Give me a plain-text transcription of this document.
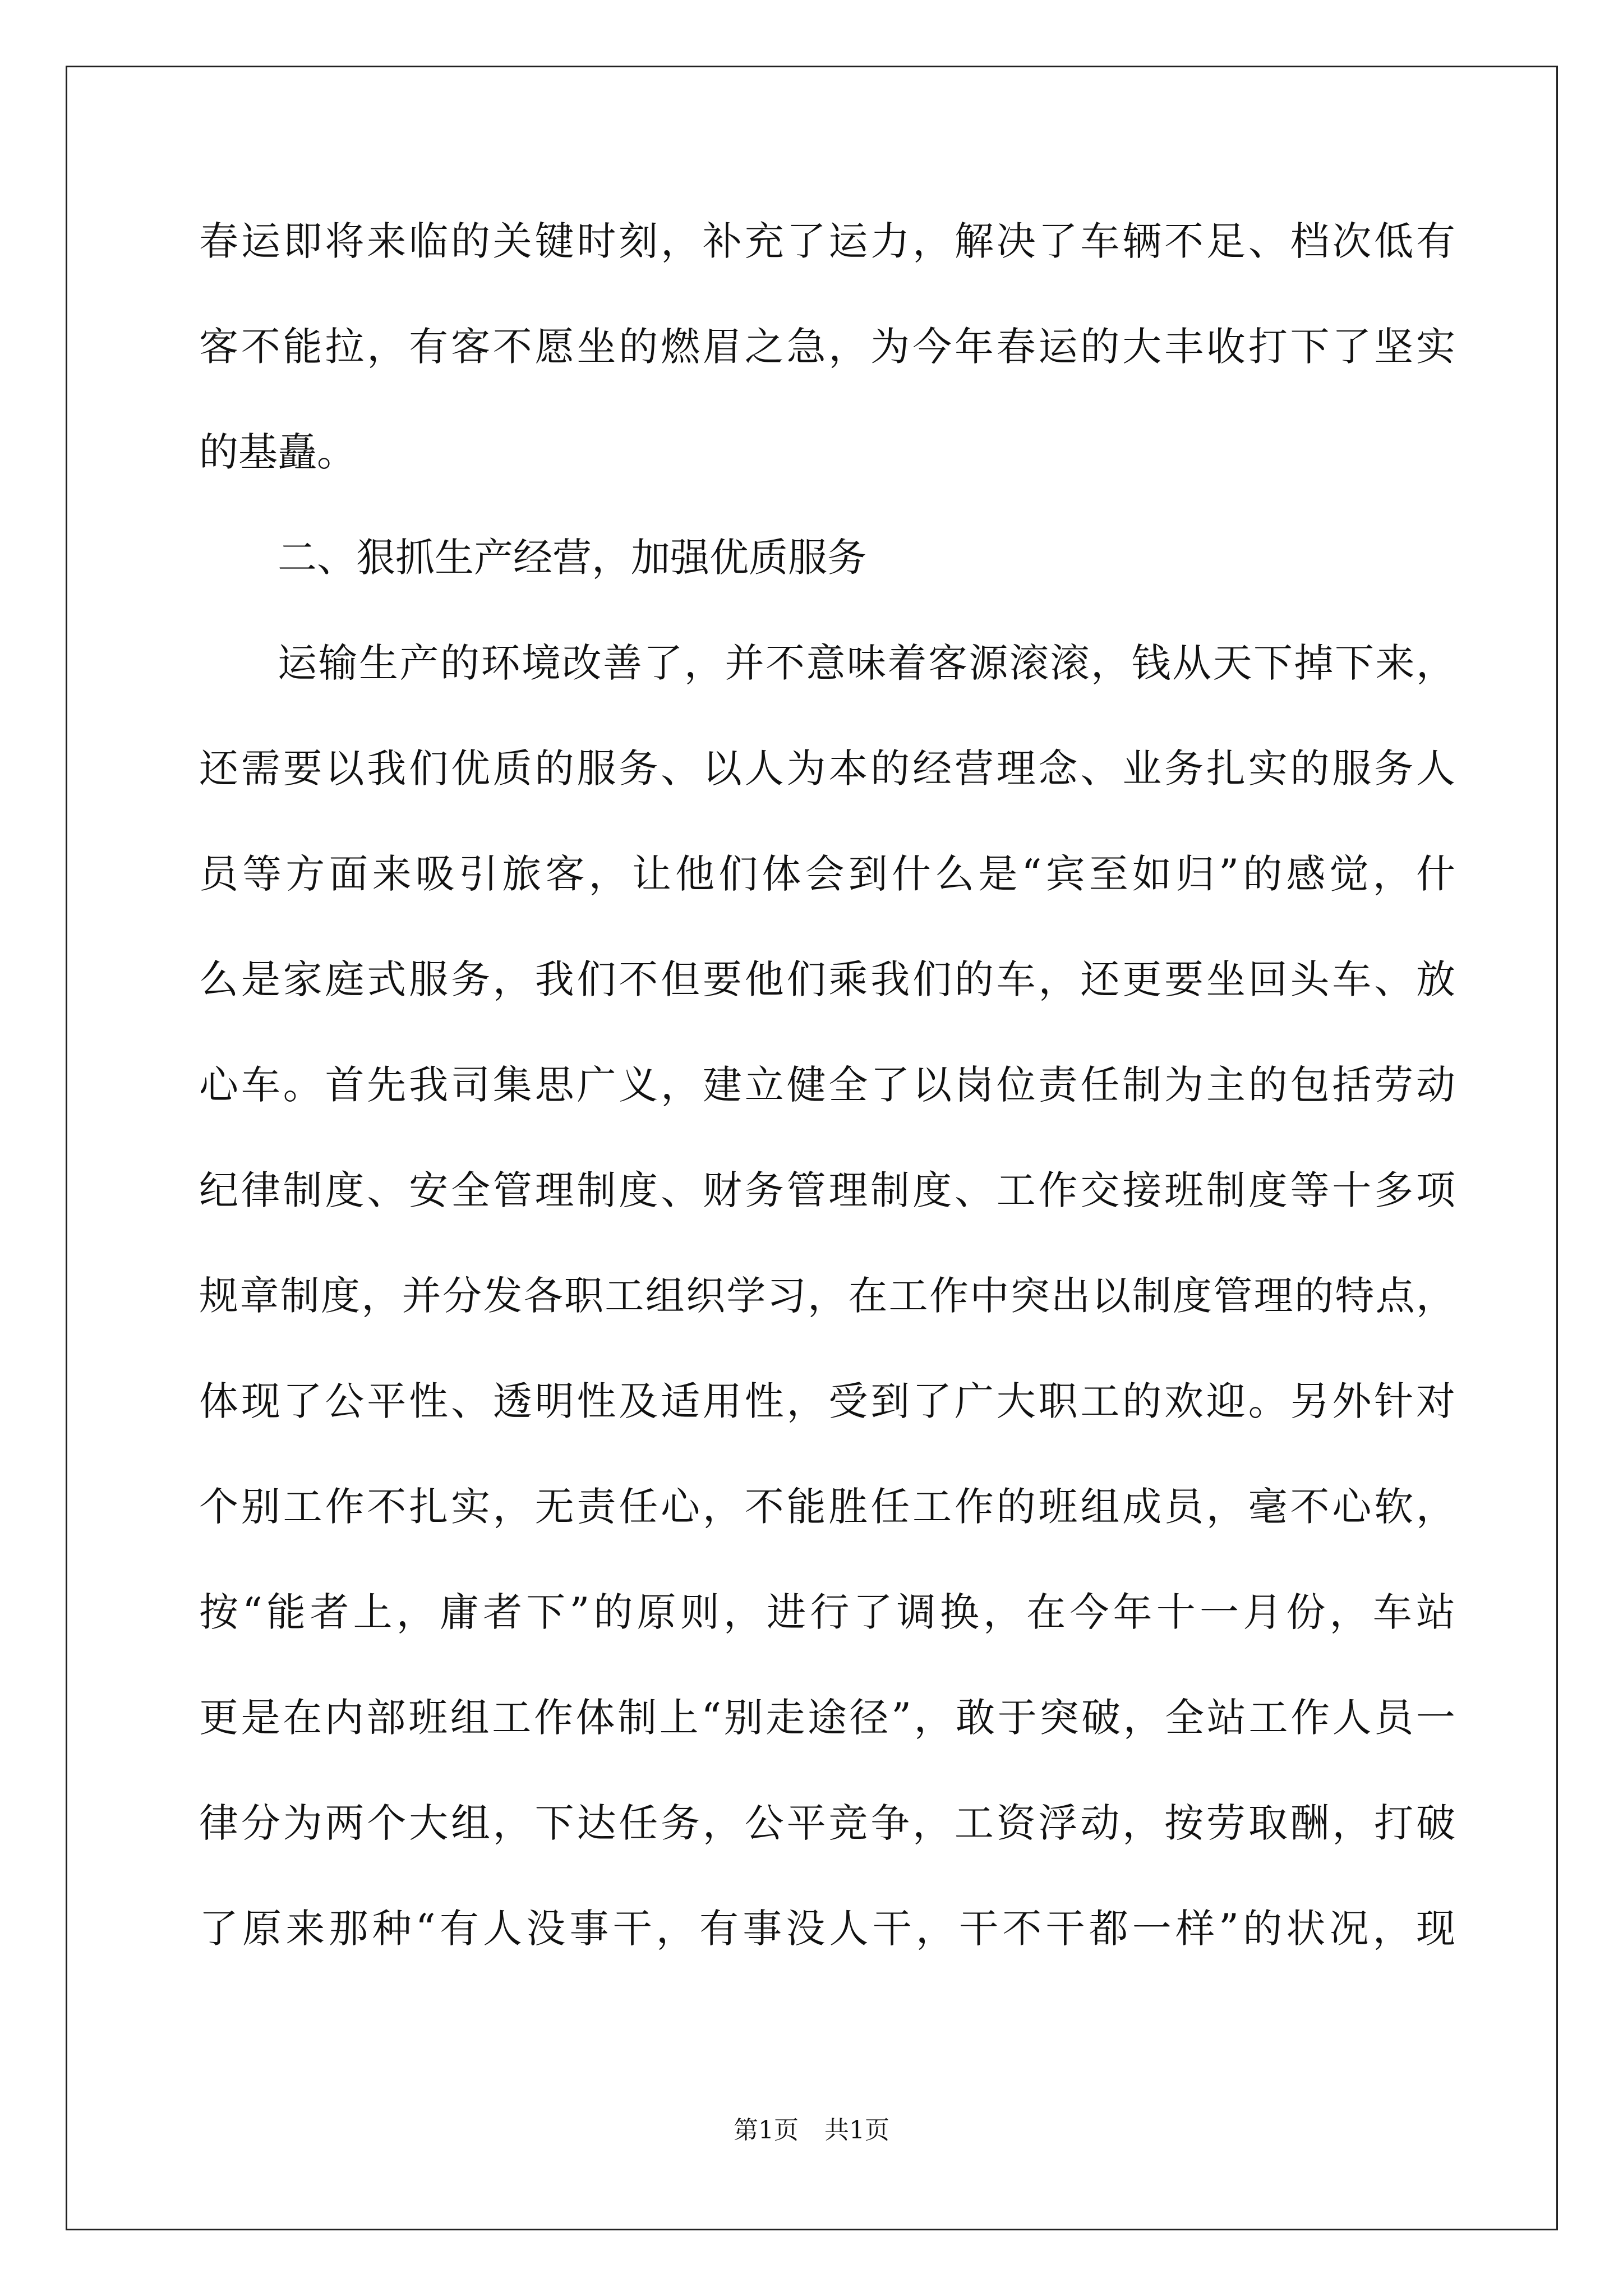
春运即将来临的关键时刻，补充了运力，解决了车辆不足、档次低有
客不能拉，有客不愿坐的燃眉之急，为今年春运的大丰收打下了坚实
的基矗。
二、狠抓生产经营，加强优质服务
运输生产的环境改善了，并不意味着客源滚滚，钱从天下掉下来，
还需要以我们优质的服务、以人为本的经营理念、业务扎实的服务人
员等方面来吸引旅客，让他们体会到什么是“宾至如归”的感觉，什
么是家庭式服务，我们不但要他们乘我们的车，还更要坐回头车、放
心车。首先我司集思广义，建立健全了以岗位责任制为主的包括劳动
纪律制度、安全管理制度、财务管理制度、工作交接班制度等十多项
规章制度，并分发各职工组织学习，在工作中突出以制度管理的特点，
体现了公平性、透明性及适用性，受到了广大职工的欢迎。另外针对
个别工作不扎实，无责任心，不能胜任工作的班组成员，毫不心软，
按“能者上，庸者下”的原则，进行了调换，在今年十一月份，车站
更是在内部班组工作体制上“别走途径”，敢于突破，全站工作人员一
律分为两个大组，下达任务，公平竞争，工资浮动，按劳取酬，打破
了原来那种“有人没事干，有事没人干，干不干都一样”的状况，现
第1页 共1页
